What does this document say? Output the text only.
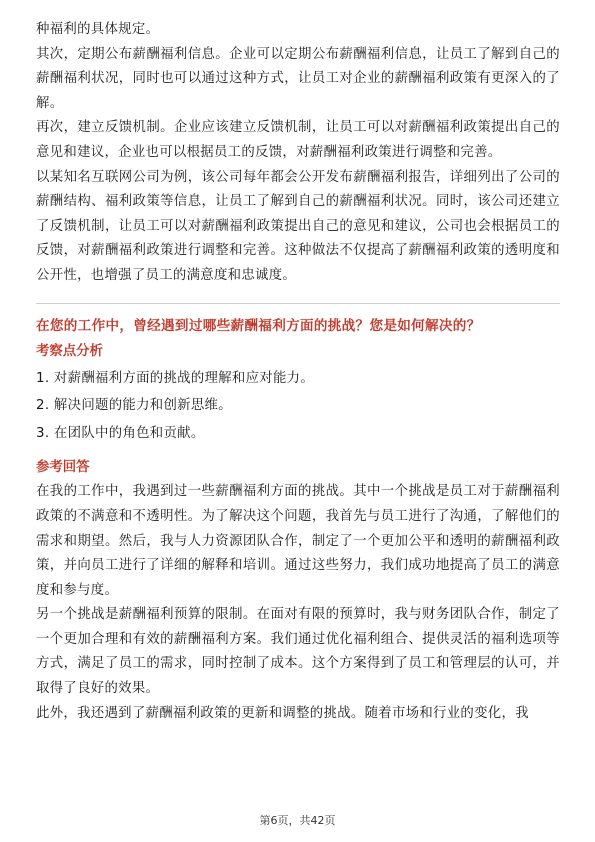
种福利的具体规定。

其次，定期公布薪酬福利信息。企业可以定期公布薪酬福利信息，让员工了解到自己的薪酬福利状况，同时也可以通过这种方式，让员工对企业的薪酬福利政策有更深入的了解。

再次，建立反馈机制。企业应该建立反馈机制，让员工可以对薪酬福利政策提出自己的意见和建议，企业也可以根据员工的反馈，对薪酬福利政策进行调整和完善。

以某知名互联网公司为例，该公司每年都会公开发布薪酬福利报告，详细列出了公司的薪酬结构、福利政策等信息，让员工了解到自己的薪酬福利状况。同时，该公司还建立了反馈机制，让员工可以对薪酬福利政策提出自己的意见和建议，公司也会根据员工的反馈，对薪酬福利政策进行调整和完善。这种做法不仅提高了薪酬福利政策的透明度和公开性，也增强了员工的满意度和忠诚度。

在您的工作中，曾经遇到过哪些薪酬福利方面的挑战？您是如何解决的？
考察点分析

1. 对薪酬福利方面的挑战的理解和应对能力。

2. 解决问题的能力和创新思维。

3. 在团队中的角色和贡献。

参考回答

在我的工作中，我遇到过一些薪酬福利方面的挑战。其中一个挑战是员工对于薪酬福利政策的不满意和不透明性。为了解决这个问题，我首先与员工进行了沟通，了解他们的需求和期望。然后，我与人力资源团队合作，制定了一个更加公平和透明的薪酬福利政策，并向员工进行了详细的解释和培训。通过这些努力，我们成功地提高了员工的满意度和参与度。

另一个挑战是薪酬福利预算的限制。在面对有限的预算时，我与财务团队合作，制定了一个更加合理和有效的薪酬福利方案。我们通过优化福利组合、提供灵活的福利选项等方式，满足了员工的需求，同时控制了成本。这个方案得到了员工和管理层的认可，并取得了良好的效果。

此外，我还遇到了薪酬福利政策的更新和调整的挑战。随着市场和行业的变化，我

第6页，共42页
